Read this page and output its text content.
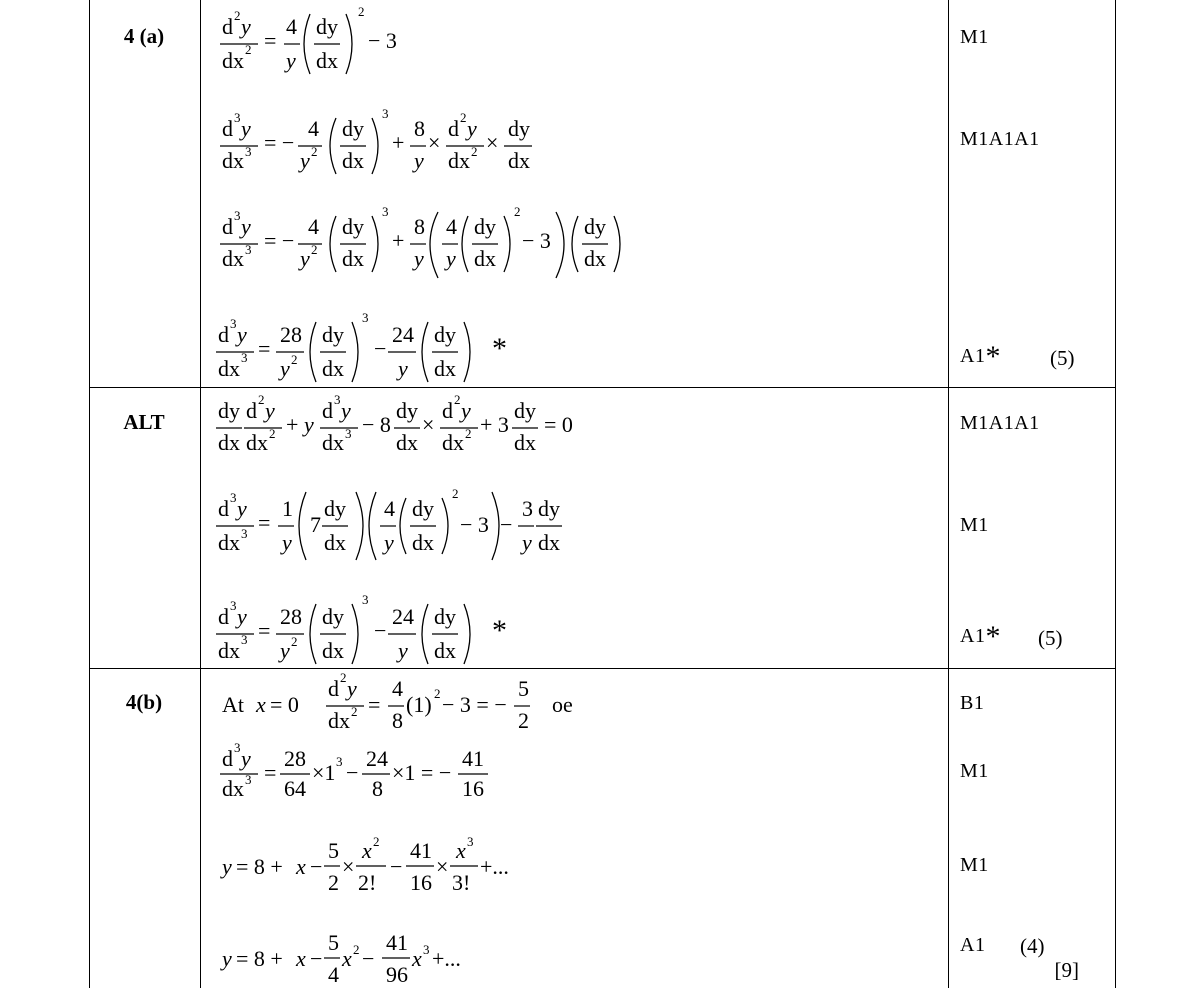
4 (a)
ALT
4(b)
d 2 y
dx 2 =
4
y
dy
dx
2
− 3
d 3 y
dx 3 = −
4
y 2
dy
dx
3
+
8
y
×
d 2 y
dx 2 ×
dy
dx
d 3 y
dx 3 = −
4
y 2
dy
dx
3
+
8
y
4
y
dy
dx
2
− 3
dy
dx
d 3 y
dx 3 =
28
y 2
dy
dx
3
−
24
y
dy
dx
*
dy
dx
d 2 y
dx 2 + y
d 3 y
dx 3 − 8
dy
dx
×
d 2 y
dx 2 + 3
dy
dx
= 0
d 3 y
dx 3 =
1
y
7
dy
dx
4
y
dy
dx
2
− 3 −
3
y
dy
dx
d 3 y
dx 3 =
28
y 2
dy
dx
3
−
24
y
dy
dx
*
At x = 0
d 2 y
dx 2 =
4
8
(1) 2 − 3 = −
5
2
oe
d 3 y
dx 3 =
28
64
×1 3 −
24
8
×1 = −
41
16
y = 8 + x −
5
2
×
x 2
2!
−
41
16
×
x 3
3!
+...
y = 8 + x −
5
4
x 2 −
41
96
x 3 +...
M1
M1A1A1
A1* (5)
M1A1A1
M1
A1* (5)
B1
M1
M1
A1 (4)
[9]
